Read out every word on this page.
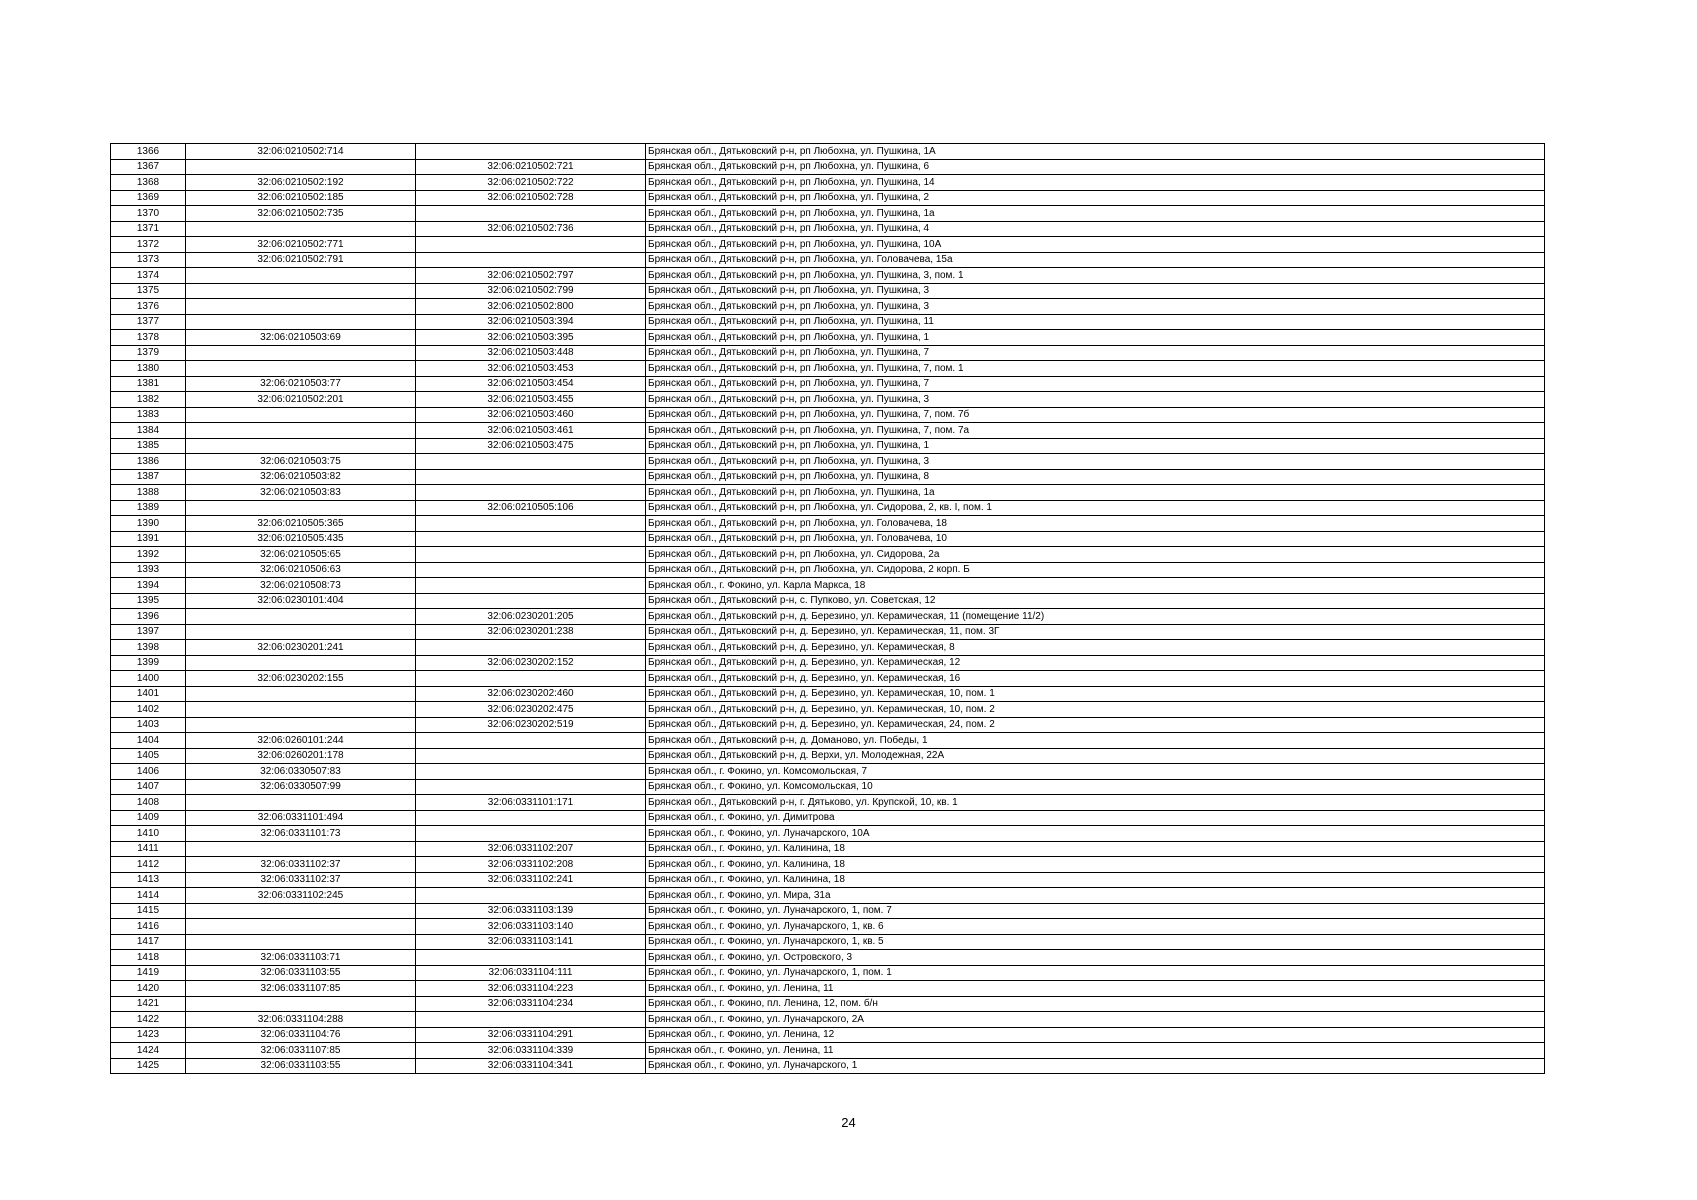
1366	32:06:0210502:714		Брянская обл., Дятьковский р-н, рп Любохна, ул. Пушкина, 1А
1367		32:06:0210502:721	Брянская обл., Дятьковский р-н, рп Любохна, ул. Пушкина, 6
1368	32:06:0210502:192	32:06:0210502:722	Брянская обл., Дятьковский р-н, рп Любохна, ул. Пушкина, 14
1369	32:06:0210502:185	32:06:0210502:728	Брянская обл., Дятьковский р-н, рп Любохна, ул. Пушкина, 2
1370	32:06:0210502:735		Брянская обл., Дятьковский р-н, рп Любохна, ул. Пушкина, 1а
1371		32:06:0210502:736	Брянская обл., Дятьковский р-н, рп Любохна, ул. Пушкина, 4
1372	32:06:0210502:771		Брянская обл., Дятьковский р-н, рп Любохна, ул. Пушкина, 10А
1373	32:06:0210502:791		Брянская обл., Дятьковский р-н, рп Любохна, ул. Головачева, 15а
1374		32:06:0210502:797	Брянская обл., Дятьковский р-н, рп Любохна, ул. Пушкина, 3, пом. 1
1375		32:06:0210502:799	Брянская обл., Дятьковский р-н, рп Любохна, ул. Пушкина, 3
1376		32:06:0210502:800	Брянская обл., Дятьковский р-н, рп Любохна, ул. Пушкина, 3
1377		32:06:0210503:394	Брянская обл., Дятьковский р-н, рп Любохна, ул. Пушкина, 11
1378	32:06:0210503:69	32:06:0210503:395	Брянская обл., Дятьковский р-н, рп Любохна, ул. Пушкина, 1
1379		32:06:0210503:448	Брянская обл., Дятьковский р-н, рп Любохна, ул. Пушкина, 7
1380		32:06:0210503:453	Брянская обл., Дятьковский р-н, рп Любохна, ул. Пушкина, 7, пом. 1
1381	32:06:0210503:77	32:06:0210503:454	Брянская обл., Дятьковский р-н, рп Любохна, ул. Пушкина, 7
1382	32:06:0210502:201	32:06:0210503:455	Брянская обл., Дятьковский р-н, рп Любохна, ул. Пушкина, 3
1383		32:06:0210503:460	Брянская обл., Дятьковский р-н, рп Любохна, ул. Пушкина, 7, пом. 7б
1384		32:06:0210503:461	Брянская обл., Дятьковский р-н, рп Любохна, ул. Пушкина, 7, пом. 7а
1385		32:06:0210503:475	Брянская обл., Дятьковский р-н, рп Любохна, ул. Пушкина, 1
1386	32:06:0210503:75		Брянская обл., Дятьковский р-н, рп Любохна, ул. Пушкина, 3
1387	32:06:0210503:82		Брянская обл., Дятьковский р-н, рп Любохна, ул. Пушкина, 8
1388	32:06:0210503:83		Брянская обл., Дятьковский р-н, рп Любохна, ул. Пушкина, 1а
1389		32:06:0210505:106	Брянская обл., Дятьковский р-н, рп Любохна, ул. Сидорова, 2, кв. I, пом. 1
1390	32:06:0210505:365		Брянская обл., Дятьковский р-н, рп Любохна, ул. Головачева, 18
1391	32:06:0210505:435		Брянская обл., Дятьковский р-н, рп Любохна, ул. Головачева, 10
1392	32:06:0210505:65		Брянская обл., Дятьковский р-н, рп Любохна, ул. Сидорова, 2а
1393	32:06:0210506:63		Брянская обл., Дятьковский р-н, рп Любохна, ул. Сидорова, 2 корп. Б
1394	32:06:0210508:73		Брянская обл., г. Фокино, ул. Карла Маркса, 18
1395	32:06:0230101:404		Брянская обл., Дятьковский р-н, с. Пупково, ул. Советская, 12
1396		32:06:0230201:205	Брянская обл., Дятьковский р-н, д. Березино, ул. Керамическая, 11 (помещение 11/2)
1397		32:06:0230201:238	Брянская обл., Дятьковский р-н, д. Березино, ул. Керамическая, 11, пом. 3Г
1398	32:06:0230201:241		Брянская обл., Дятьковский р-н, д. Березино, ул. Керамическая, 8
1399		32:06:0230202:152	Брянская обл., Дятьковский р-н, д. Березино, ул. Керамическая, 12
1400	32:06:0230202:155		Брянская обл., Дятьковский р-н, д. Березино, ул. Керамическая, 16
1401		32:06:0230202:460	Брянская обл., Дятьковский р-н, д. Березино, ул. Керамическая, 10, пом. 1
1402		32:06:0230202:475	Брянская обл., Дятьковский р-н, д. Березино, ул. Керамическая, 10, пом. 2
1403		32:06:0230202:519	Брянская обл., Дятьковский р-н, д. Березино, ул. Керамическая, 24, пом. 2
1404	32:06:0260101:244		Брянская обл., Дятьковский р-н, д. Доманово, ул. Победы, 1
1405	32:06:0260201:178		Брянская обл., Дятьковский р-н, д. Верхи, ул. Молодежная, 22А
1406	32:06:0330507:83		Брянская обл., г. Фокино, ул. Комсомольская, 7
1407	32:06:0330507:99		Брянская обл., г. Фокино, ул. Комсомольская, 10
1408		32:06:0331101:171	Брянская обл., Дятьковский р-н, г. Дятьково, ул. Крупской, 10, кв. 1
1409	32:06:0331101:494		Брянская обл., г. Фокино, ул. Димитрова
1410	32:06:0331101:73		Брянская обл., г. Фокино, ул. Луначарского, 10А
1411		32:06:0331102:207	Брянская обл., г. Фокино, ул. Калинина, 18
1412	32:06:0331102:37	32:06:0331102:208	Брянская обл., г. Фокино, ул. Калинина, 18
1413	32:06:0331102:37	32:06:0331102:241	Брянская обл., г. Фокино, ул. Калинина, 18
1414	32:06:0331102:245		Брянская обл., г. Фокино, ул. Мира, 31а
1415		32:06:0331103:139	Брянская обл., г. Фокино, ул. Луначарского, 1, пом. 7
1416		32:06:0331103:140	Брянская обл., г. Фокино, ул. Луначарского, 1, кв. 6
1417		32:06:0331103:141	Брянская обл., г. Фокино, ул. Луначарского, 1, кв. 5
1418	32:06:0331103:71		Брянская обл., г. Фокино, ул. Островского, 3
1419	32:06:0331103:55	32:06:0331104:111	Брянская обл., г. Фокино, ул. Луначарского, 1, пом. 1
1420	32:06:0331107:85	32:06:0331104:223	Брянская обл., г. Фокино, ул. Ленина, 11
1421		32:06:0331104:234	Брянская обл., г. Фокино, пл. Ленина, 12, пом. б/н
1422	32:06:0331104:288		Брянская обл., г. Фокино, ул. Луначарского, 2А
1423	32:06:0331104:76	32:06:0331104:291	Брянская обл., г. Фокино, ул. Ленина, 12
1424	32:06:0331107:85	32:06:0331104:339	Брянская обл., г. Фокино, ул. Ленина, 11
1425	32:06:0331103:55	32:06:0331104:341	Брянская обл., г. Фокино, ул. Луначарского, 1
24
